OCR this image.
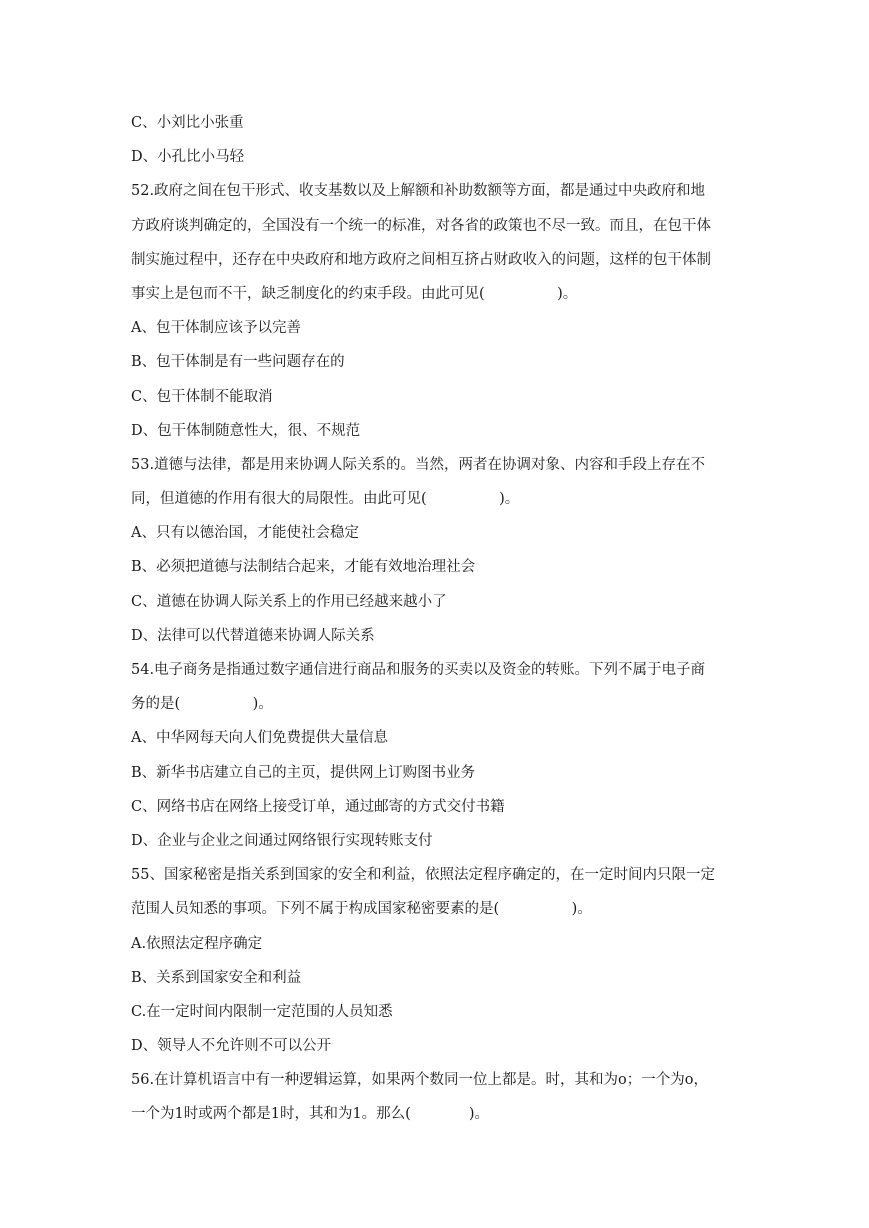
C、小刘比小张重
D、小孔比小马轻
52.政府之间在包干形式、收支基数以及上解额和补助数额等方面，都是通过中央政府和地
方政府谈判确定的，全国没有一个统一的标准，对各省的政策也不尽一致。而且，在包干体
制实施过程中，还存在中央政府和地方政府之间相互挤占财政收入的问题，这样的包干体制
事实上是包而不干，缺乏制度化的约束手段。由此可见(　　　　　)。
A、包干体制应该予以完善
B、包干体制是有一些问题存在的
C、包干体制不能取消
D、包干体制随意性大，很、不规范
53.道德与法律，都是用来协调人际关系的。当然，两者在协调对象、内容和手段上存在不
同，但道德的作用有很大的局限性。由此可见(　　　　　)。
A、只有以德治国，才能使社会稳定
B、必须把道德与法制结合起来，才能有效地治理社会
C、道德在协调人际关系上的作用已经越来越小了
D、法律可以代替道德来协调人际关系
54.电子商务是指通过数字通信进行商品和服务的买卖以及资金的转账。下列不属于电子商
务的是(　　　　　)。
A、中华网每天向人们免费提供大量信息
B、新华书店建立自己的主页，提供网上订购图书业务
C、网络书店在网络上接受订单，通过邮寄的方式交付书籍
D、企业与企业之间通过网络银行实现转账支付
55、国家秘密是指关系到国家的安全和利益，依照法定程序确定的，在一定时间内只限一定
范围人员知悉的事项。下列不属于构成国家秘密要素的是(　　　　　)。
A.依照法定程序确定
B、关系到国家安全和利益
C.在一定时间内限制一定范围的人员知悉
D、领导人不允许则不可以公开
56.在计算机语言中有一种逻辑运算，如果两个数同一位上都是。时，其和为o；一个为o，
一个为1时或两个都是1时，其和为1。那么(　　　　)。
